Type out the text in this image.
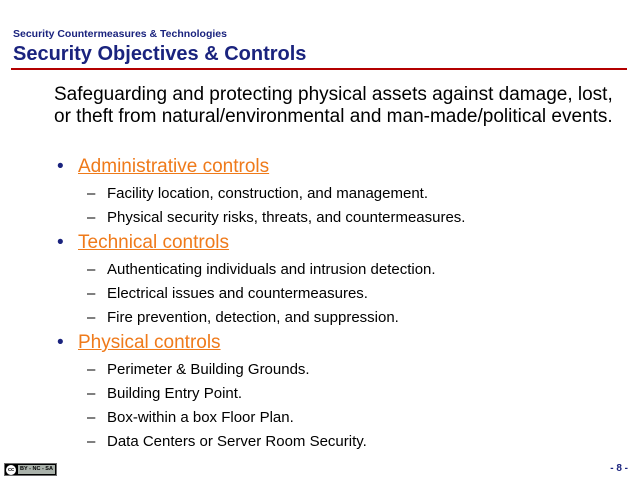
Security Countermeasures & Technologies
Security Objectives & Controls
Safeguarding and protecting physical assets against damage, lost, or theft from natural/environmental and man-made/political events.
• Administrative controls
– Facility location, construction, and management.
– Physical security risks, threats, and countermeasures.
• Technical controls
– Authenticating individuals and intrusion detection.
– Electrical issues and countermeasures.
– Fire prevention, detection, and suppression.
• Physical controls
– Perimeter & Building Grounds.
– Building Entry Point.
– Box-within a box Floor Plan.
– Data Centers or Server Room Security.
cc	BY - NC - SA	- 8 -
